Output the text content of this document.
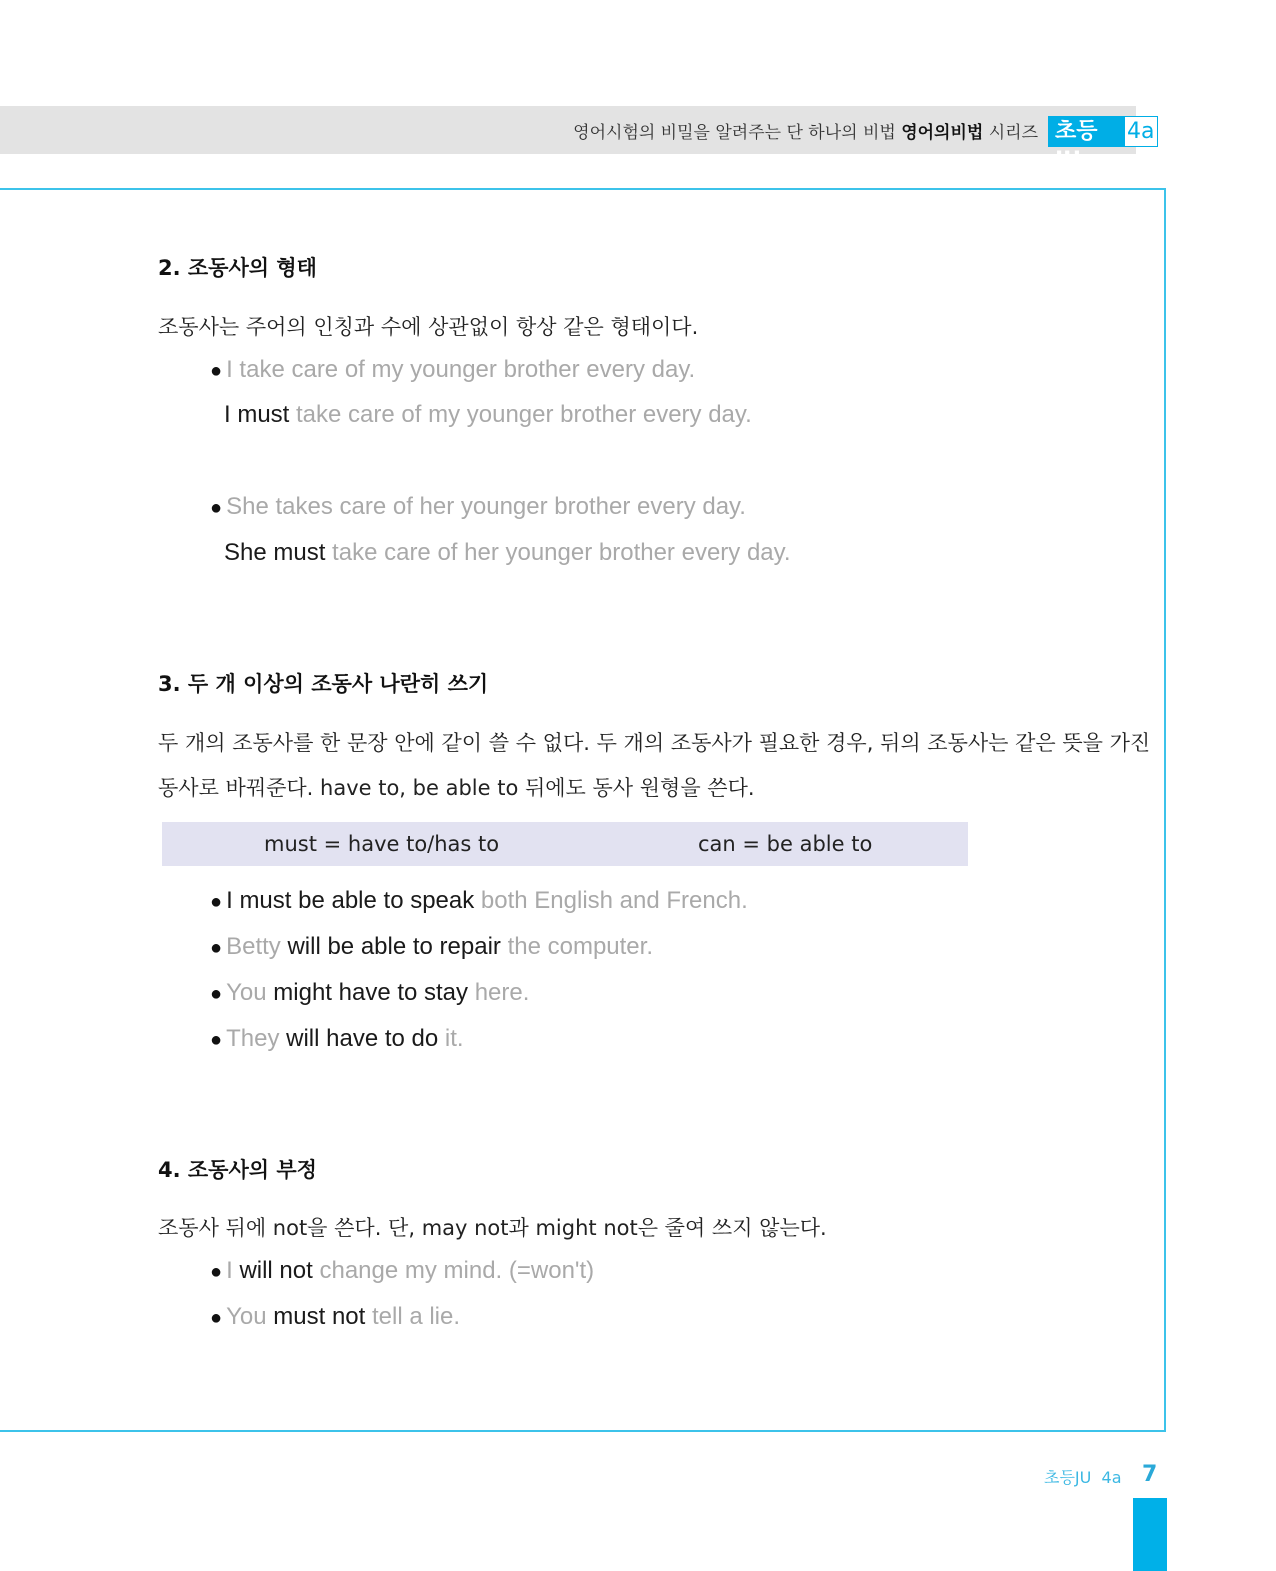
영어시험의 비밀을 알려주는 단 하나의 비법 영어의비법 시리즈 초등JU
4a
2. 조동사의 형태
조동사는 주어의 인칭과 수에 상관없이 항상 같은 형태이다.
● I take care of my younger brother every day.
I must take care of my younger brother every day.
● She takes care of her younger brother every day.
She must take care of her younger brother every day.
3. 두 개 이상의 조동사 나란히 쓰기
두 개의 조동사를 한 문장 안에 같이 쓸 수 없다. 두 개의 조동사가 필요한 경우, 뒤의 조동사는 같은 뜻을 가진
동사로 바꿔준다. have to, be able to 뒤에도 동사 원형을 쓴다.
must = have to/has to	can = be able to
● I must be able to speak both English and French.
● Betty will be able to repair the computer.
● You might have to stay here.
● They will have to do it.
4. 조동사의 부정
조동사 뒤에 not을 쓴다. 단, may not과 might not은 줄여 쓰지 않는다.
● I will not change my mind. (=won't)
● You must not tell a lie.
초등JU  4a 7
